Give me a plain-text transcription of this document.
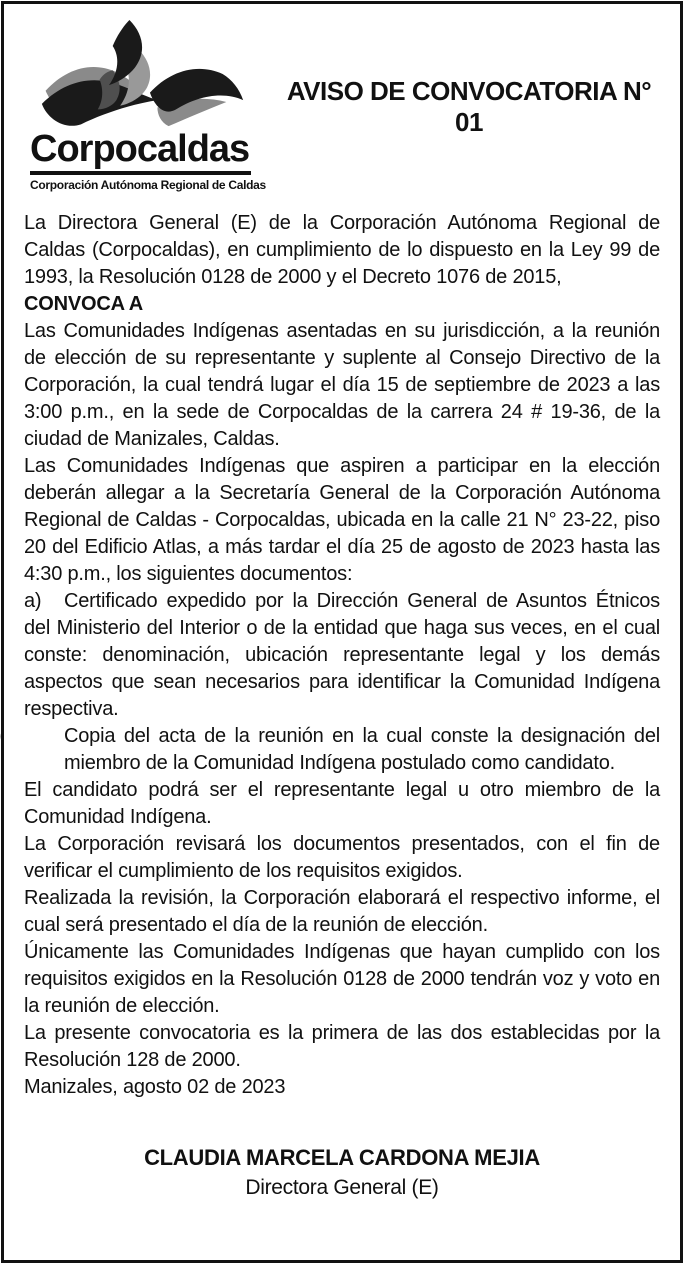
Corpocaldas
Corporación Autónoma Regional de Caldas
AVISO DE CONVOCATORIA N° 01

La Directora General (E) de la Corporación Autónoma Regional de Caldas (Corpocaldas), en cumplimiento de lo dispuesto en la Ley 99 de 1993, la Resolución 0128 de 2000 y el Decreto 1076 de 2015,

CONVOCA A

Las Comunidades Indígenas asentadas en su jurisdicción, a la reunión de elección de su representante y suplente al Consejo Directivo de la Corporación, la cual tendrá lugar el día 15 de septiembre de 2023 a las 3:00 p.m., en la sede de Corpocaldas de la carrera 24 # 19-36, de la ciudad de Manizales, Caldas.

Las Comunidades Indígenas que aspiren a participar en la elección deberán allegar a la Secretaría General de la Corporación Autónoma Regional de Caldas - Corpocaldas, ubicada en la calle 21 N° 23-22, piso 20 del Edificio Atlas, a más tardar el día 25 de agosto de 2023 hasta las 4:30 p.m., los siguientes documentos:

a) Certificado expedido por la Dirección General de Asuntos Étnicos del Ministerio del Interior o de la entidad que haga sus veces, en el cual conste: denominación, ubicación representante legal y los demás aspectos que sean necesarios para identificar la Comunidad Indígena respectiva.

Copia del acta de la reunión en la cual conste la designación del miembro de la Comunidad Indígena postulado como candidato.

El candidato podrá ser el representante legal u otro miembro de la Comunidad Indígena.

La Corporación revisará los documentos presentados, con el fin de verificar el cumplimiento de los requisitos exigidos.

Realizada la revisión, la Corporación elaborará el respectivo informe, el cual será presentado el día de la reunión de elección.

Únicamente las Comunidades Indígenas que hayan cumplido con los requisitos exigidos en la Resolución 0128 de 2000 tendrán voz y voto en la reunión de elección.

La presente convocatoria es la primera de las dos establecidas por la Resolución 128 de 2000.

Manizales, agosto 02 de 2023

CLAUDIA MARCELA CARDONA MEJIA
Directora General (E)
